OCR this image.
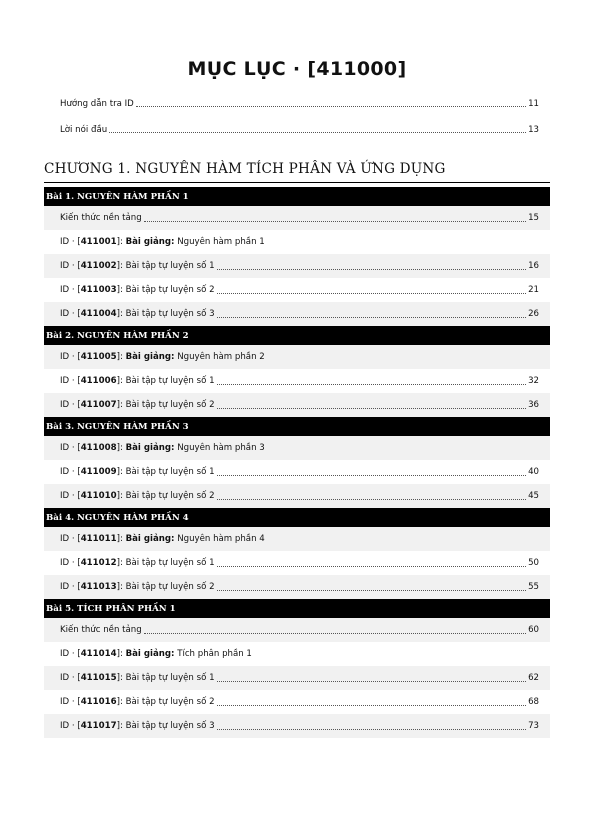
MỤC LỤC · [411000]
Hướng dẫn tra ID	11
Lời nói đầu	13
CHƯƠNG 1. NGUYÊN HÀM TÍCH PHÂN VÀ ỨNG DỤNG
Bài 1. NGUYÊN HÀM PHẦN 1
Kiến thức nền tảng	15
ID · [411001]: Bài giảng: Nguyên hàm phần 1
ID · [411002]: Bài tập tự luyện số 1	16
ID · [411003]: Bài tập tự luyện số 2	21
ID · [411004]: Bài tập tự luyện số 3	26
Bài 2. NGUYÊN HÀM PHẦN 2
ID · [411005]: Bài giảng: Nguyên hàm phần 2
ID · [411006]: Bài tập tự luyện số 1	32
ID · [411007]: Bài tập tự luyện số 2	36
Bài 3. NGUYÊN HÀM PHẦN 3
ID · [411008]: Bài giảng: Nguyên hàm phần 3
ID · [411009]: Bài tập tự luyện số 1	40
ID · [411010]: Bài tập tự luyện số 2	45
Bài 4. NGUYÊN HÀM PHẦN 4
ID · [411011]: Bài giảng: Nguyên hàm phần 4
ID · [411012]: Bài tập tự luyện số 1	50
ID · [411013]: Bài tập tự luyện số 2	55
Bài 5. TÍCH PHÂN PHẦN 1
Kiến thức nền tảng	60
ID · [411014]: Bài giảng: Tích phân phần 1
ID · [411015]: Bài tập tự luyện số 1	62
ID · [411016]: Bài tập tự luyện số 2	68
ID · [411017]: Bài tập tự luyện số 3	73
